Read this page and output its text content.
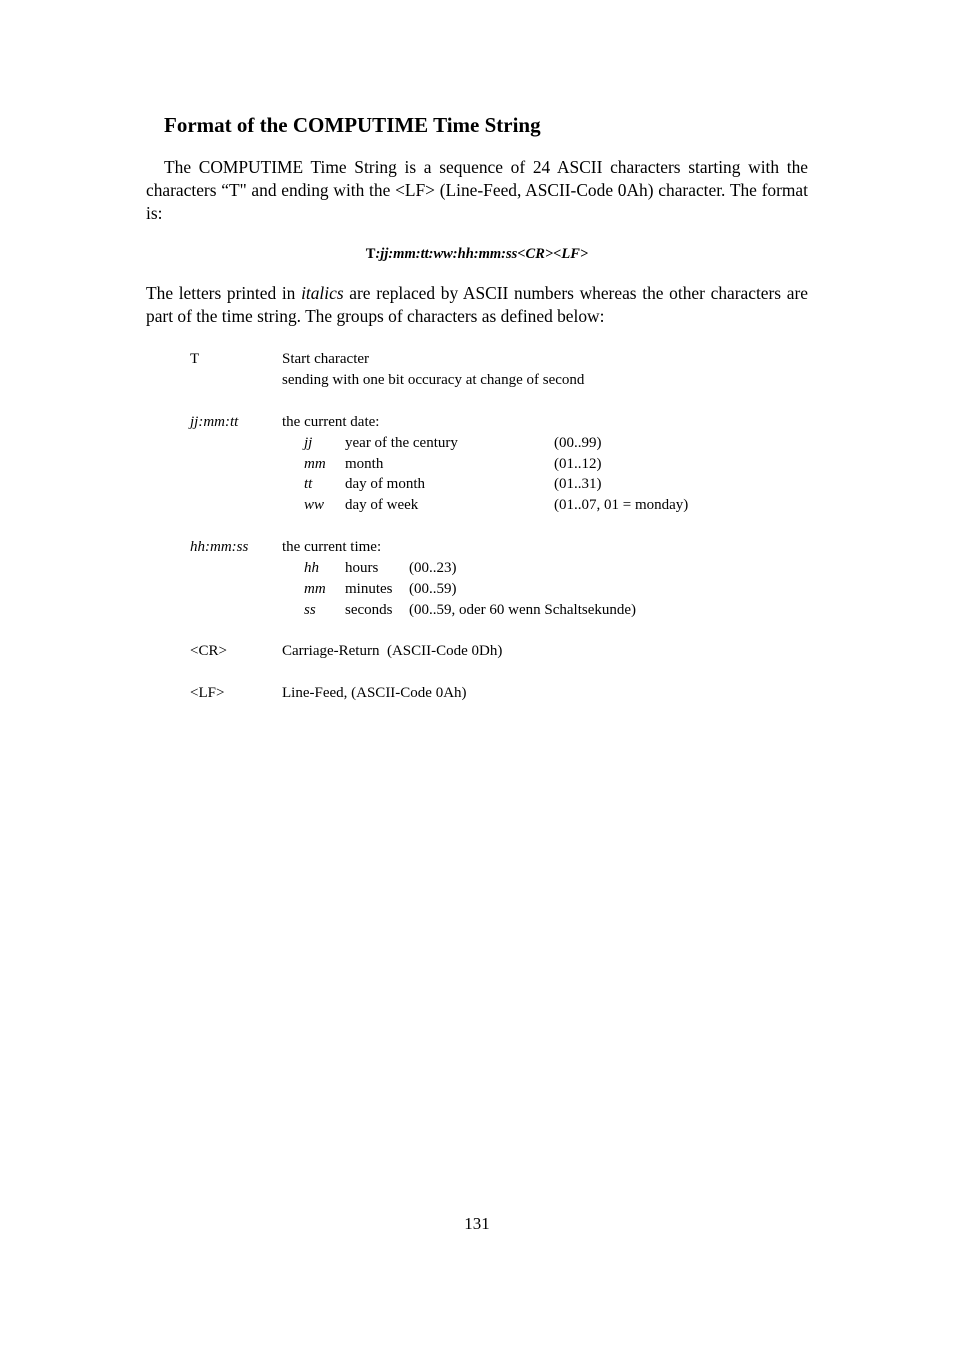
Format of the COMPUTIME Time String

The COMPUTIME Time String is a sequence of 24 ASCII characters starting with the characters “T" and ending with the <LF> (Line-Feed, ASCII-Code 0Ah) character. The format is:

T:jj:mm:tt:ww:hh:mm:ss<CR><LF>

The letters printed in italics are replaced by ASCII numbers whereas the other characters are part of the time string. The groups of characters as defined below:

T	Start character
sending with one bit occuracy at change of second
jj:mm:tt	the current date:
jj year of the century	(00..99)
mm month	(01..12)
tt day of month	(01..31)
ww day of week	(01..07, 01 = monday)
hh:mm:ss the current time:
hh hours (00..23)
mm minutes (00..59)
ss seconds (00..59, oder 60 wenn Schaltsekunde)
<CR>	Carriage-Return  (ASCII-Code 0Dh)
<LF>	Line-Feed, (ASCII-Code 0Ah)
131
